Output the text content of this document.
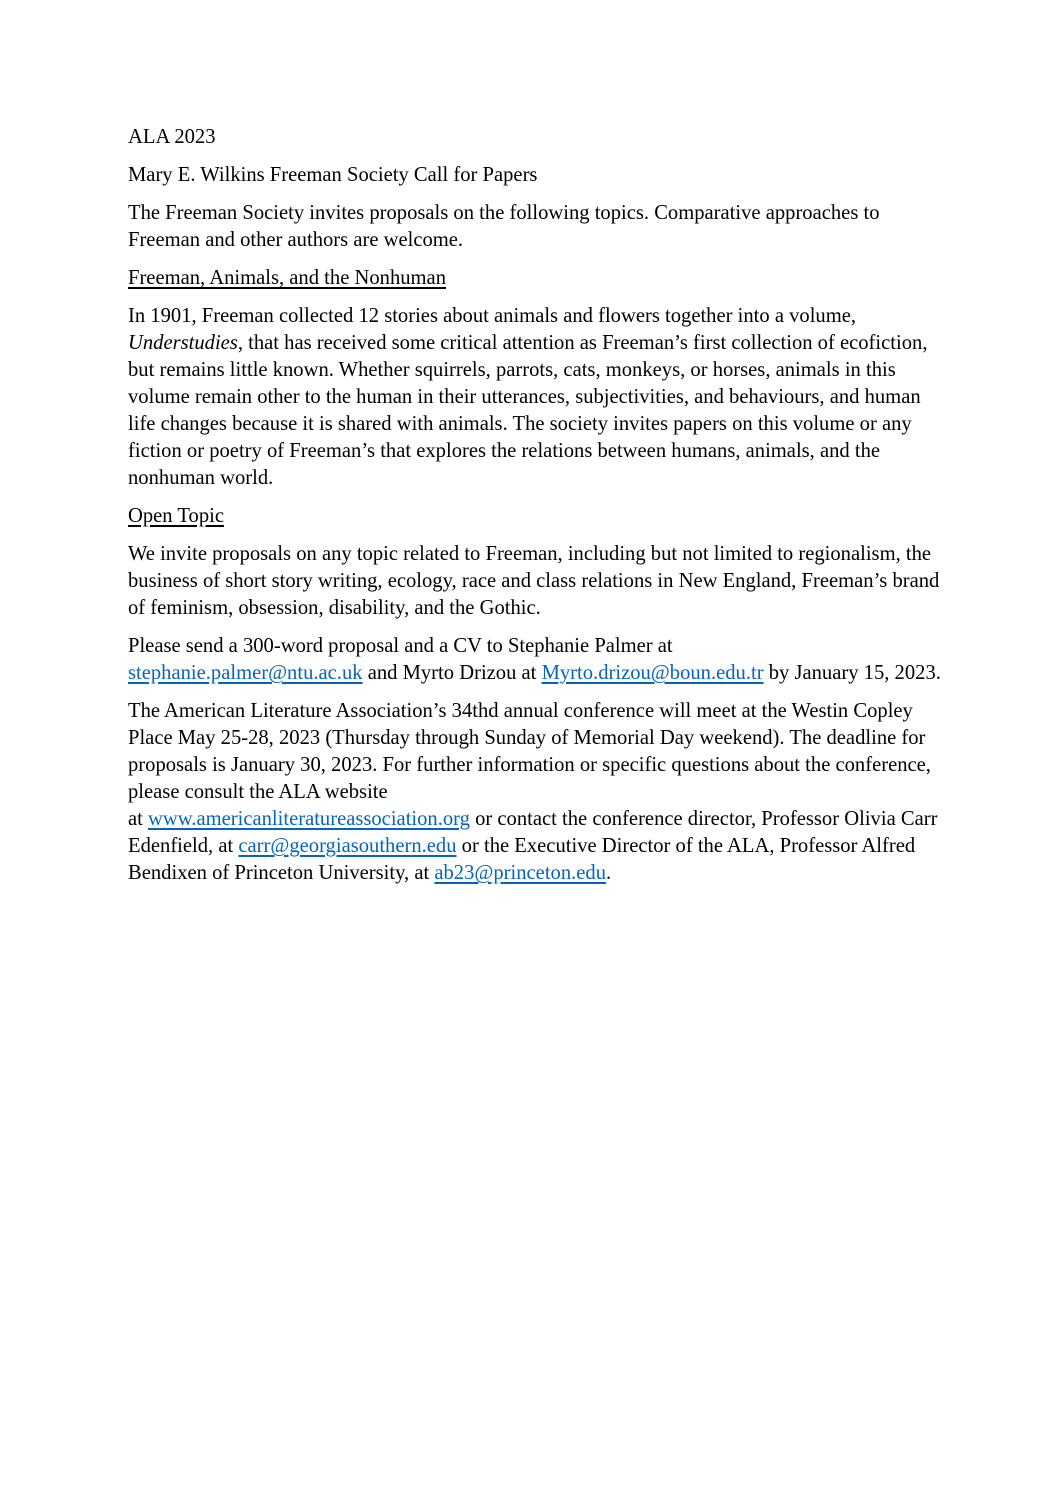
ALA 2023

Mary E. Wilkins Freeman Society Call for Papers

The Freeman Society invites proposals on the following topics. Comparative approaches to Freeman and other authors are welcome.

Freeman, Animals, and the Nonhuman

In 1901, Freeman collected 12 stories about animals and flowers together into a volume,
Understudies, that has received some critical attention as Freeman’s first collection of ecofiction, but remains little known. Whether squirrels, parrots, cats, monkeys, or horses, animals in this volume remain other to the human in their utterances, subjectivities, and behaviours, and human life changes because it is shared with animals. The society invites papers on this volume or any fiction or poetry of Freeman’s that explores the relations between humans, animals, and the nonhuman world.

Open Topic

We invite proposals on any topic related to Freeman, including but not limited to regionalism, the business of short story writing, ecology, race and class relations in New England, Freeman’s brand of feminism, obsession, disability, and the Gothic.

Please send a 300-word proposal and a CV to Stephanie Palmer at
stephanie.palmer@ntu.ac.uk and Myrto Drizou at Myrto.drizou@boun.edu.tr by January 15, 2023.

The American Literature Association’s 34thd annual conference will meet at the Westin Copley Place May 25-28, 2023 (Thursday through Sunday of Memorial Day weekend). The deadline for proposals is January 30, 2023. For further information or specific questions about the conference, please consult the ALA website
at www.americanliteratureassociation.org or contact the conference director, Professor Olivia Carr Edenfield, at carr@georgiasouthern.edu or the Executive Director of the ALA, Professor Alfred Bendixen of Princeton University, at ab23@princeton.edu.
